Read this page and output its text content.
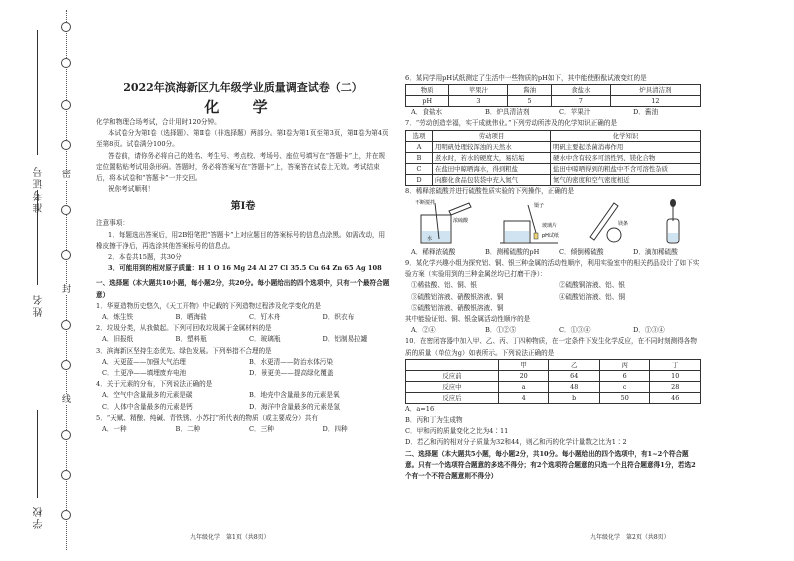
密
封
线
准考证号
姓名
学校
2022年滨海新区九年级学业质量调查试卷（二）
化 学

化学和物理合场考试，合计用时120分钟。

本试卷分为第Ⅰ卷（选择题）、第Ⅱ卷（非选择题）两部分。第Ⅰ卷为第1页至第3页，第Ⅱ卷为第4页至第8页。试卷满分100分。

答卷前，请你务必将自己的姓名、考生号、考点校、考场号、座位号填写在“答题卡”上，并在规定位置粘贴考试用条形码。答题时，务必将答案写在“答题卡”上，答案答在试卷上无效。考试结束后，将本试卷和“答题卡”一并交回。

祝你考试顺利！

第Ⅰ卷

注意事项：

1．每题选出答案后，用2B铅笔把“答题卡”上对应题目的答案标号的信息点涂黑。如需改动，用橡皮擦干净后，再选涂其他答案标号的信息点。

2．本卷共15题，共30分

3．可能用到的相对原子质量：H 1 O 16 Mg 24 Al 27 Cl 35.5 Cu 64 Zn 65 Ag 108

一、选择题（本大题共10小题，每小题2分，共20分。每小题给出的四个选项中，只有一个最符合题意）

1．华夏造物历史悠久，《天工开物》中记载的下列造物过程涉及化学变化的是

A．炼生铁	B．晒海盐	C．钉木舟	D．织衣布

2．垃圾分类，从我做起。下列可回收垃圾属于金属材料的是

A．旧报纸	B．塑料瓶	C．玻璃瓶	D．铝制易拉罐

3．滨海新区坚持生态优先、绿色发展。下列举措不合理的是

A．天更蓝——加强大气治理	B．水更清——防治水体污染
C．土更净——填埋废弃电池	D．景更美——提高绿化覆盖

4．关于元素的分布，下列说法正确的是

A．空气中含量最多的元素是碳	B．地壳中含量最多的元素是氧
C．人体中含量最多的元素是钙	D．海洋中含量最多的元素是氢

5．“天赋、精酿、纯碱、青铁锈、小苏打”所代表的物质（或主要成分）共有

A．一种	B．二种	C．三种	D．四种
九年级化学　第1页（共8页）

6．某同学用pH试纸测定了生活中一些物质的pH如下，其中能使酚酞试液变红的是

物质	苹果汁	酱油	食盐水	炉具清洁剂
pH	3	5	7	12
A．食盐水	B．炉具清洁剂	C．苹果汁	D．酱油

7．“劳动创造幸福，实干成就伟业。”下列劳动所涉及的化学知识正确的是

选项	劳动项目	化学知识
A	用明矾处理较浑浊的天然水	明矾主要起杀菌消毒作用
B	煮水时，若水的硬度大，易结垢	硬水中含有较多可溶性钙、镁化合物
C	在盐田中晾晒海水，得到粗盐	盐田中晾晒得到的粗盐中不含可溶性杂质
D	向膨化食品包装袋中充入氮气	氮气的密度和空气密度相近

8．稀释浓硫酸并进行硫酸性质实验的下列操作，正确的是

不断搅拌
浓硫酸
水
镊子
玻璃片
pH试纸
镁条
A．稀释浓硫酸	B．测稀硫酸的pH	C．倾倒稀硫酸	D．滴加稀硫酸

9．某化学兴趣小组为探究铝、铜、银三种金属的活动性顺序，利用实验室中的相关药品设计了如下实验方案（实验用到的三种金属丝均已打磨干净）：

①稀盐酸、铝、铜、银	②硫酸铜溶液、铝、银
③硫酸铝溶液、硝酸银溶液、铜	④硫酸铝溶液、铝、铜
⑤硫酸铝溶液、硝酸银溶液、铜

其中能验证铝、铜、银金属活动性顺序的是

A．②④	B．①②⑤	C．①③④	D．①③④

10．在密闭容器中加入甲、乙、丙、丁四种物质，在一定条件下发生化学反应，在不同时刻测得各物质的质量（单位为g）如表所示。下列说法正确的是

	甲	乙	丙	丁
反应前	20	64	6	10
反应中	a	48	c	28
反应后	4	b	50	46

A．a=16

B．丙和丁为生成物

C．甲和丙的质量变化之比为4∶11

D．若乙和丙的相对分子质量为32和44，则乙和丙的化学计量数之比为1∶2

二、选择题（本大题共5小题，每小题2分，共10分。每小题给出的四个选项中，有1~2个符合题意。只有一个选项符合题意的多选不得分；有2个选项符合题意的只选一个且符合题意得1分，若选2个有一个不符合题意则不得分）

九年级化学　第2页（共8页）
